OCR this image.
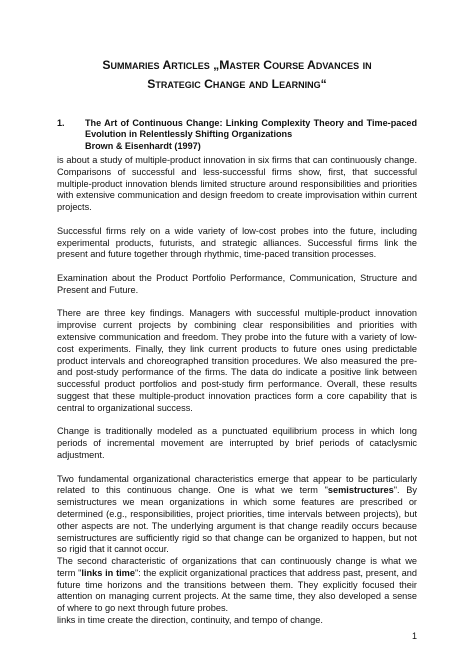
Summaries Articles „Master Course Advances in
Strategic Change and Learning“
1. The Art of Continuous Change: Linking Complexity Theory and Time-paced Evolution in Relentlessly Shifting Organizations
Brown & Eisenhardt (1997)

is about a study of multiple-product innovation in six firms that can continuously change. Comparisons of successful and less-successful firms show, first, that successful multiple-product innovation blends limited structure around responsibilities and priorities with extensive communication and design freedom to create improvisation within current projects.

Successful firms rely on a wide variety of low-cost probes into the future, including experimental products, futurists, and strategic alliances. Successful firms link the present and future together through rhythmic, time-paced transition processes.

Examination about the Product Portfolio Performance, Communication, Structure and Present and Future.

There are three key findings. Managers with successful multiple-product innovation improvise current projects by combining clear responsibilities and priorities with extensive communication and freedom. They probe into the future with a variety of low-cost experiments. Finally, they link current products to future ones using predictable product intervals and choreographed transition procedures. We also measured the pre- and post-study performance of the firms. The data do indicate a positive link between successful product portfolios and post-study firm performance. Overall, these results suggest that these multiple-product innovation practices form a core capability that is central to organizational success.

Change is traditionally modeled as a punctuated equilibrium process in which long periods of incremental movement are interrupted by brief periods of cataclysmic adjustment.

Two fundamental organizational characteristics emerge that appear to be particularly related to this continuous change. One is what we term "semistructures". By semistructures we mean organizations in which some features are prescribed or determined (e.g., responsibilities, project priorities, time intervals between projects), but other aspects are not. The underlying argument is that change readily occurs because semistructures are sufficiently rigid so that change can be organized to happen, but not so rigid that it cannot occur.

The second characteristic of organizations that can continuously change is what we term "links in time": the explicit organizational practices that address past, present, and future time horizons and the transitions between them. They explicitly focused their attention on managing current projects. At the same time, they also developed a sense of where to go next through future probes.

links in time create the direction, continuity, and tempo of change.

1
